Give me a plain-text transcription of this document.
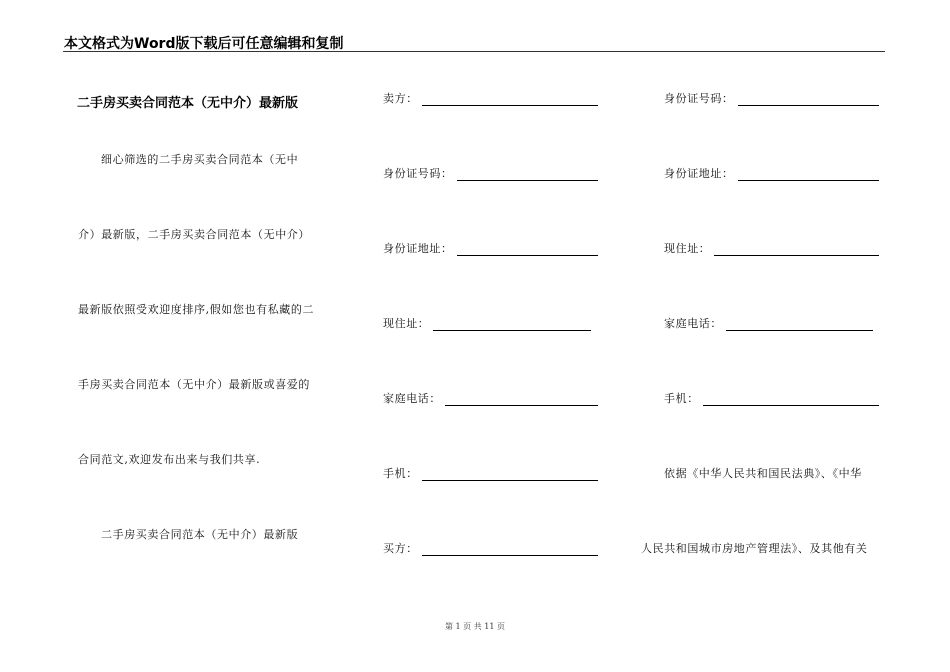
本文格式为Word版下载后可任意编辑和复制
二手房买卖合同范本（无中介）最新版
细心筛选的二手房买卖合同范本（无中
介）最新版，二手房买卖合同范本（无中介）
最新版依照受欢迎度排序,假如您也有私藏的二
手房买卖合同范本（无中介）最新版或喜爱的
合同范文,欢迎发布出来与我们共享.
二手房买卖合同范本（无中介）最新版
卖方：
身份证号码：
身份证地址：
现住址：
家庭电话：
手机：
买方：
身份证号码：
身份证地址：
现住址：
家庭电话：
手机：
依据《中华人民共和国民法典》、《中华
人民共和国城市房地产管理法》、及其他有关
第 1 页 共 11 页
